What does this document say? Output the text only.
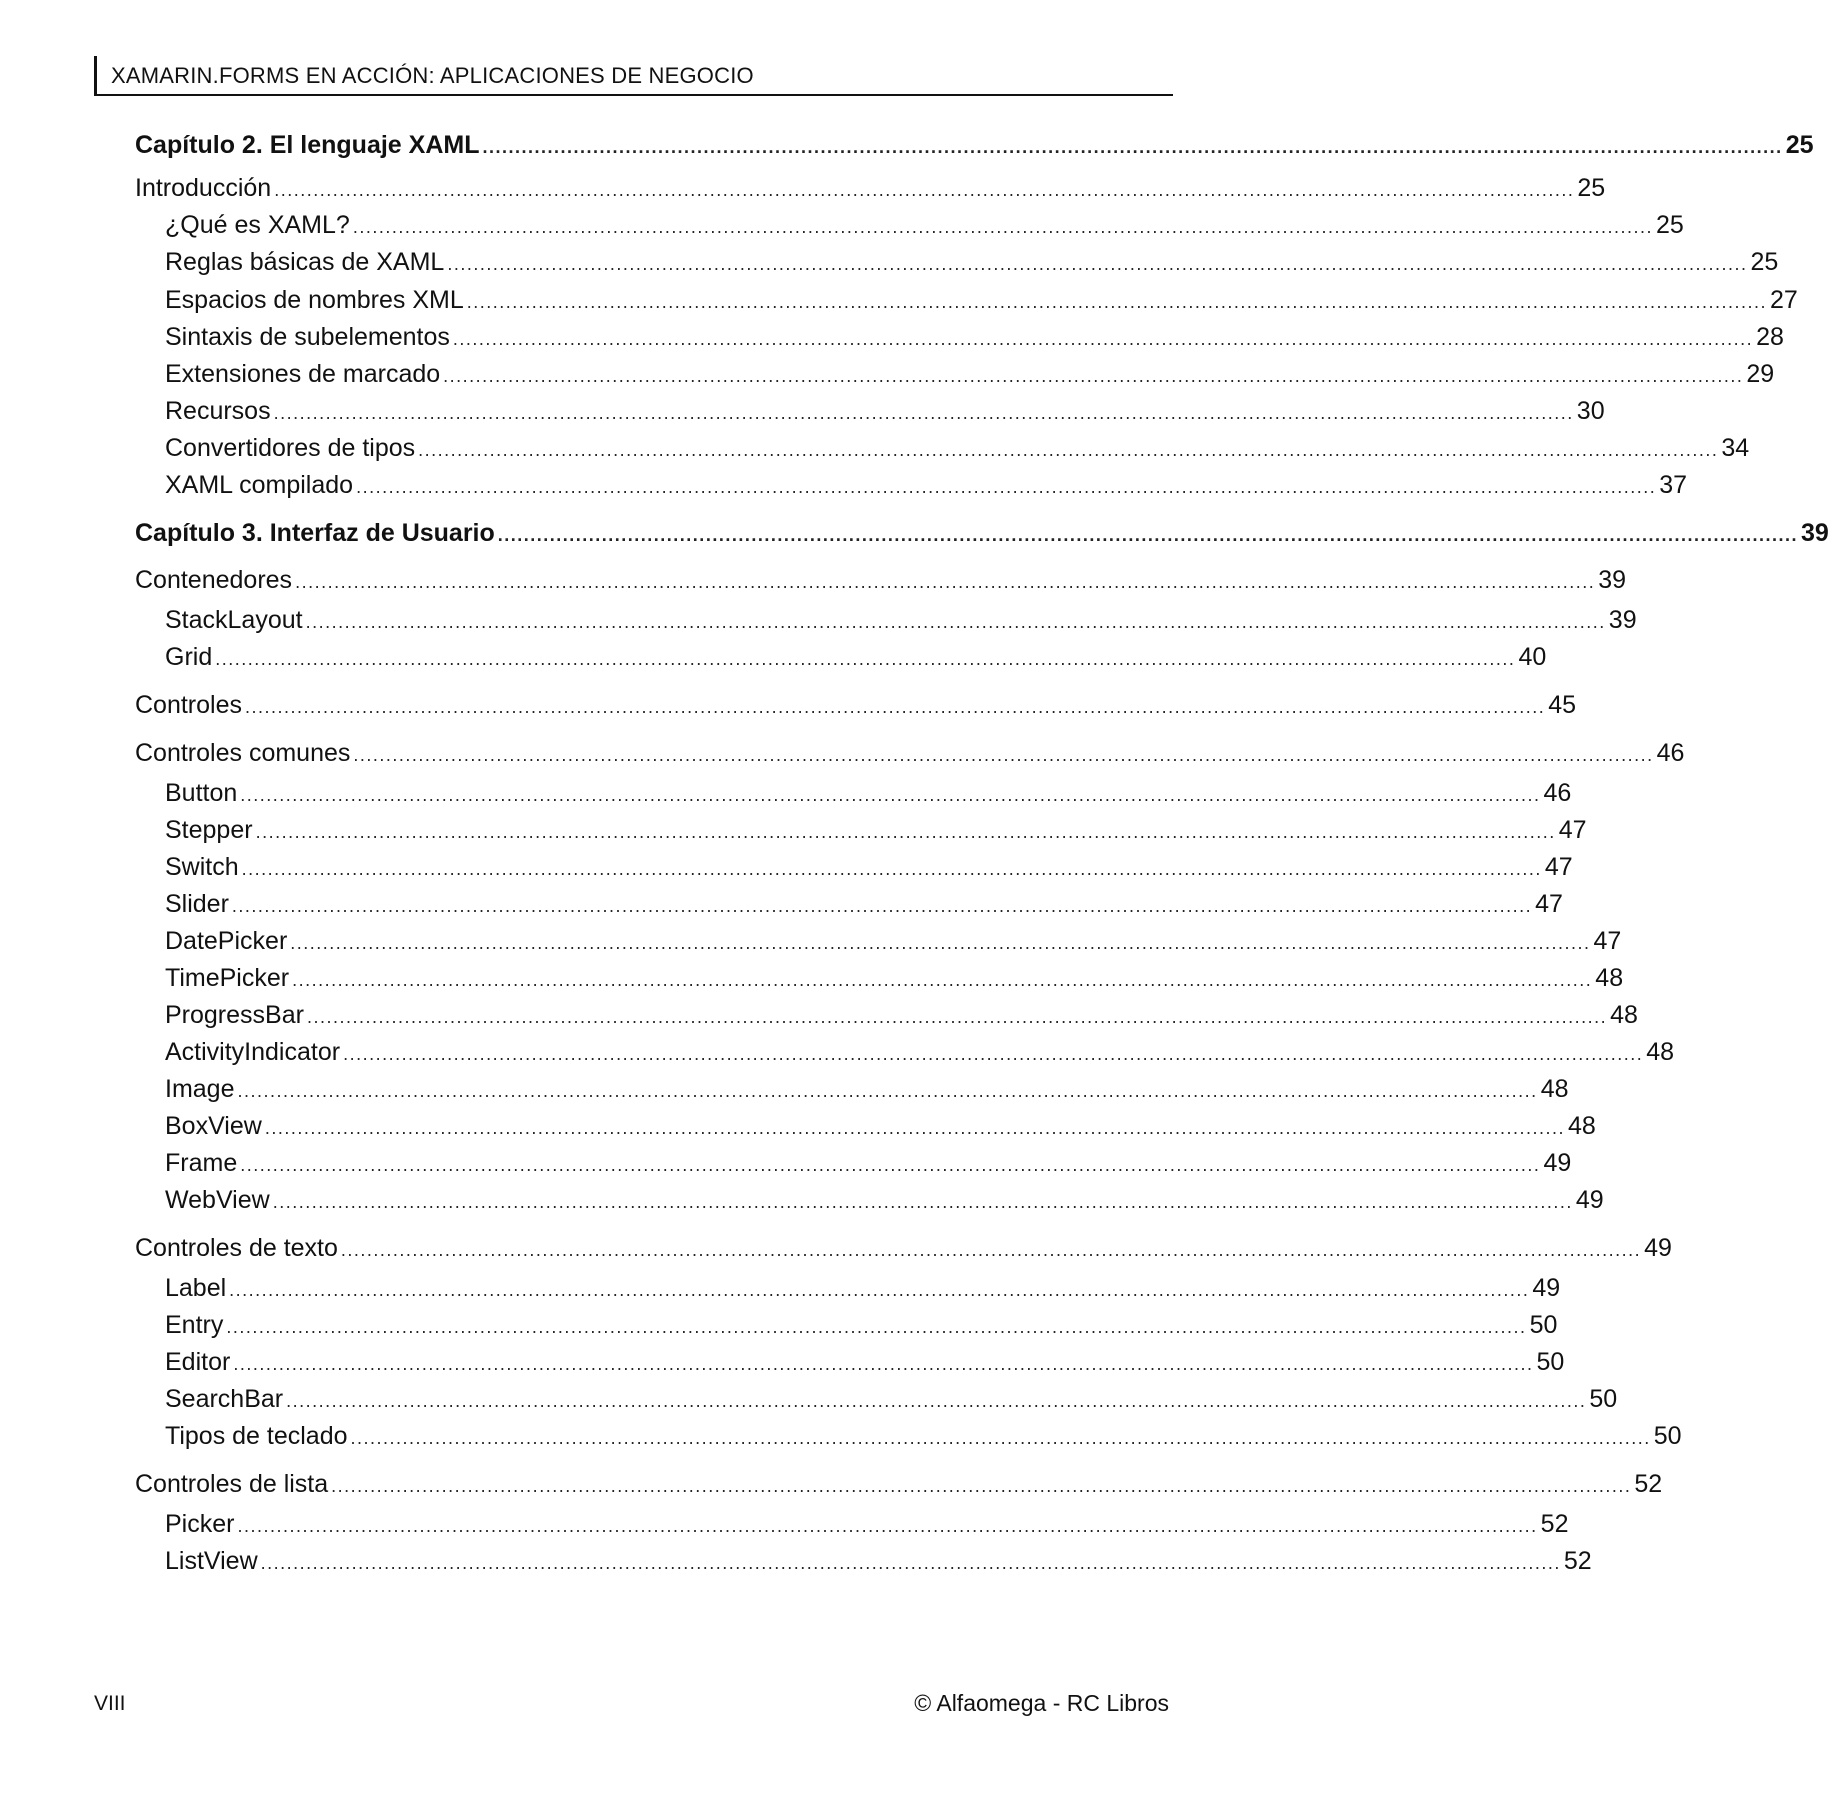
XAMARIN.FORMS EN ACCIÓN: APLICACIONES DE NEGOCIO
Capítulo 2. El lenguaje XAML ........................................................................................................................................................................................................ 25
Introducción ........................................................................................................................................................................................................ 25
¿Qué es XAML? ........................................................................................................................................................................................................ 25
Reglas básicas de XAML ........................................................................................................................................................................................................ 25
Espacios de nombres XML ........................................................................................................................................................................................................ 27
Sintaxis de subelementos ........................................................................................................................................................................................................ 28
Extensiones de marcado ........................................................................................................................................................................................................ 29
Recursos ........................................................................................................................................................................................................ 30
Convertidores de tipos ........................................................................................................................................................................................................ 34
XAML compilado ........................................................................................................................................................................................................ 37
Capítulo 3. Interfaz de Usuario ........................................................................................................................................................................................................ 39
Contenedores ........................................................................................................................................................................................................ 39
StackLayout ........................................................................................................................................................................................................ 39
Grid ........................................................................................................................................................................................................ 40
Controles ........................................................................................................................................................................................................ 45
Controles comunes ........................................................................................................................................................................................................ 46
Button ........................................................................................................................................................................................................ 46
Stepper ........................................................................................................................................................................................................ 47
Switch ........................................................................................................................................................................................................ 47
Slider ........................................................................................................................................................................................................ 47
DatePicker ........................................................................................................................................................................................................ 47
TimePicker ........................................................................................................................................................................................................ 48
ProgressBar ........................................................................................................................................................................................................ 48
ActivityIndicator ........................................................................................................................................................................................................ 48
Image ........................................................................................................................................................................................................ 48
BoxView ........................................................................................................................................................................................................ 48
Frame ........................................................................................................................................................................................................ 49
WebView ........................................................................................................................................................................................................ 49
Controles de texto ........................................................................................................................................................................................................ 49
Label ........................................................................................................................................................................................................ 49
Entry ........................................................................................................................................................................................................ 50
Editor ........................................................................................................................................................................................................ 50
SearchBar ........................................................................................................................................................................................................ 50
Tipos de teclado ........................................................................................................................................................................................................ 50
Controles de lista ........................................................................................................................................................................................................ 52
Picker ........................................................................................................................................................................................................ 52
ListView ........................................................................................................................................................................................................ 52
VIII	© Alfaomega - RC Libros
